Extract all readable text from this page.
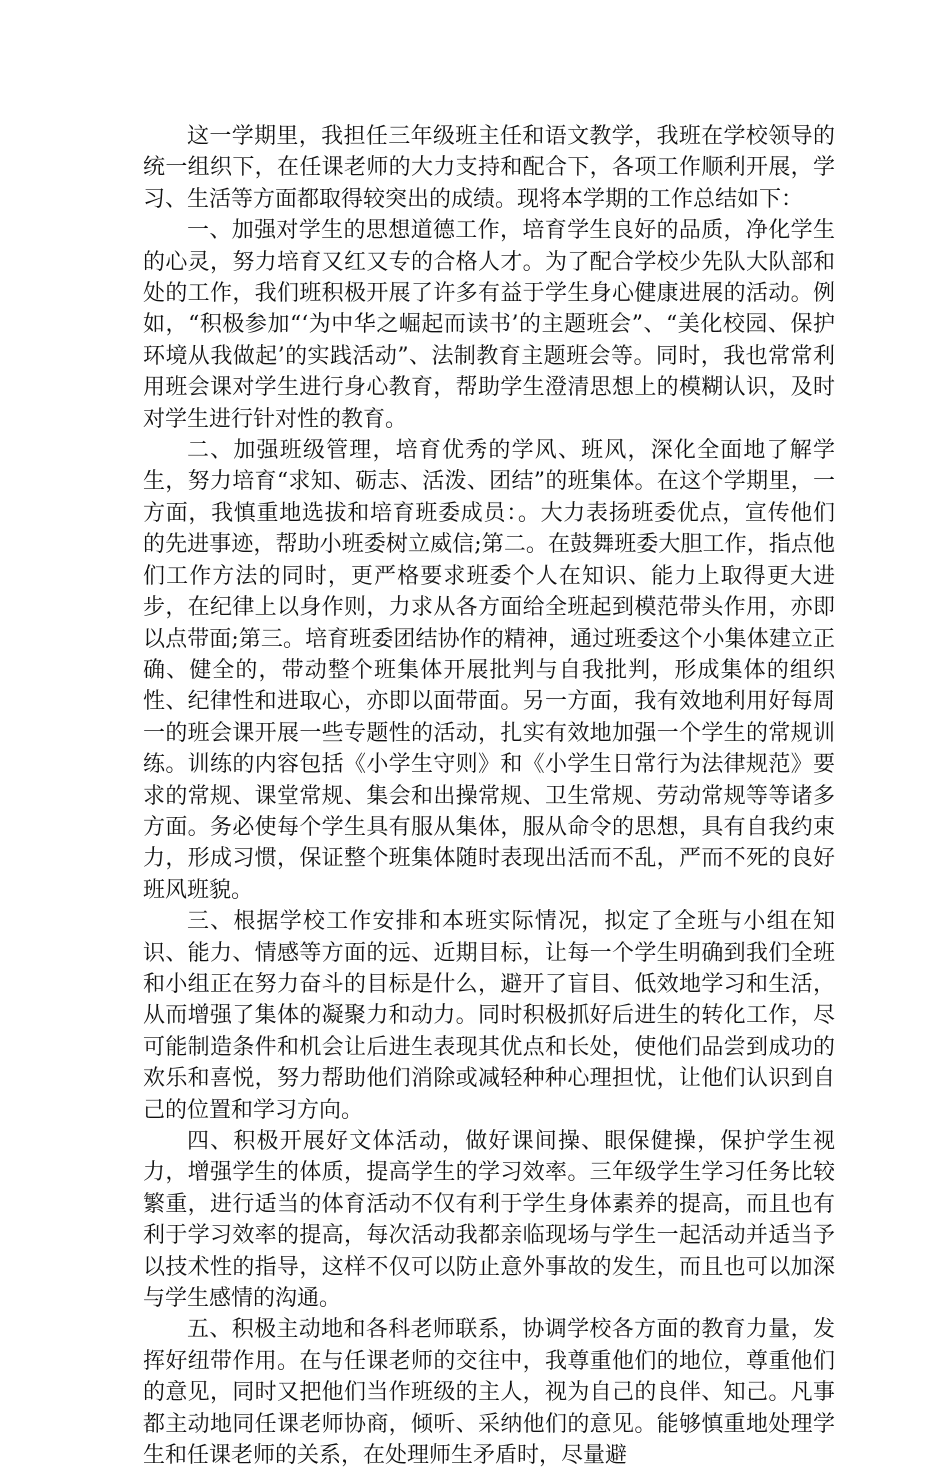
这一学期里，我担任三年级班主任和语文教学，我班在学校领导的统一组织下，在任课老师的大力支持和配合下，各项工作顺利开展，学习、生活等方面都取得较突出的成绩。现将本学期的工作总结如下：

一、加强对学生的思想道德工作，培育学生良好的品质，净化学生的心灵，努力培育又红又专的合格人才。为了配合学校少先队大队部和处的工作，我们班积极开展了许多有益于学生身心健康进展的活动。例如，“积极参加“‘为中华之崛起而读书’的主题班会”、“美化校园、保护环境从我做起’的实践活动”、法制教育主题班会等。同时，我也常常利用班会课对学生进行身心教育，帮助学生澄清思想上的模糊认识，及时对学生进行针对性的教育。

二、加强班级管理，培育优秀的学风、班风，深化全面地了解学生，努力培育“求知、砺志、活泼、团结”的班集体。在这个学期里，一方面，我慎重地选拔和培育班委成员：。大力表扬班委优点，宣传他们的先进事迹，帮助小班委树立威信;第二。在鼓舞班委大胆工作，指点他们工作方法的同时，更严格要求班委个人在知识、能力上取得更大进步，在纪律上以身作则，力求从各方面给全班起到模范带头作用，亦即以点带面;第三。培育班委团结协作的精神，通过班委这个小集体建立正确、健全的，带动整个班集体开展批判与自我批判，形成集体的组织性、纪律性和进取心，亦即以面带面。另一方面，我有效地利用好每周一的班会课开展一些专题性的活动，扎实有效地加强一个学生的常规训练。训练的内容包括《小学生守则》和《小学生日常行为法律规范》要求的常规、课堂常规、集会和出操常规、卫生常规、劳动常规等等诸多方面。务必使每个学生具有服从集体，服从命令的思想，具有自我约束力，形成习惯，保证整个班集体随时表现出活而不乱，严而不死的良好班风班貌。

三、根据学校工作安排和本班实际情况，拟定了全班与小组在知识、能力、情感等方面的远、近期目标，让每一个学生明确到我们全班和小组正在努力奋斗的目标是什么，避开了盲目、低效地学习和生活，从而增强了集体的凝聚力和动力。同时积极抓好后进生的转化工作，尽可能制造条件和机会让后进生表现其优点和长处，使他们品尝到成功的欢乐和喜悦，努力帮助他们消除或减轻种种心理担忧，让他们认识到自己的位置和学习方向。

四、积极开展好文体活动，做好课间操、眼保健操，保护学生视力，增强学生的体质，提高学生的学习效率。三年级学生学习任务比较繁重，进行适当的体育活动不仅有利于学生身体素养的提高，而且也有利于学习效率的提高，每次活动我都亲临现场与学生一起活动并适当予以技术性的指导，这样不仅可以防止意外事故的发生，而且也可以加深与学生感情的沟通。

五、积极主动地和各科老师联系，协调学校各方面的教育力量，发挥好纽带作用。在与任课老师的交往中，我尊重他们的地位，尊重他们的意见，同时又把他们当作班级的主人，视为自己的良伴、知己。凡事都主动地同任课老师协商，倾听、采纳他们的意见。能够慎重地处理学生和任课老师的关系，在处理师生矛盾时，尽量避
